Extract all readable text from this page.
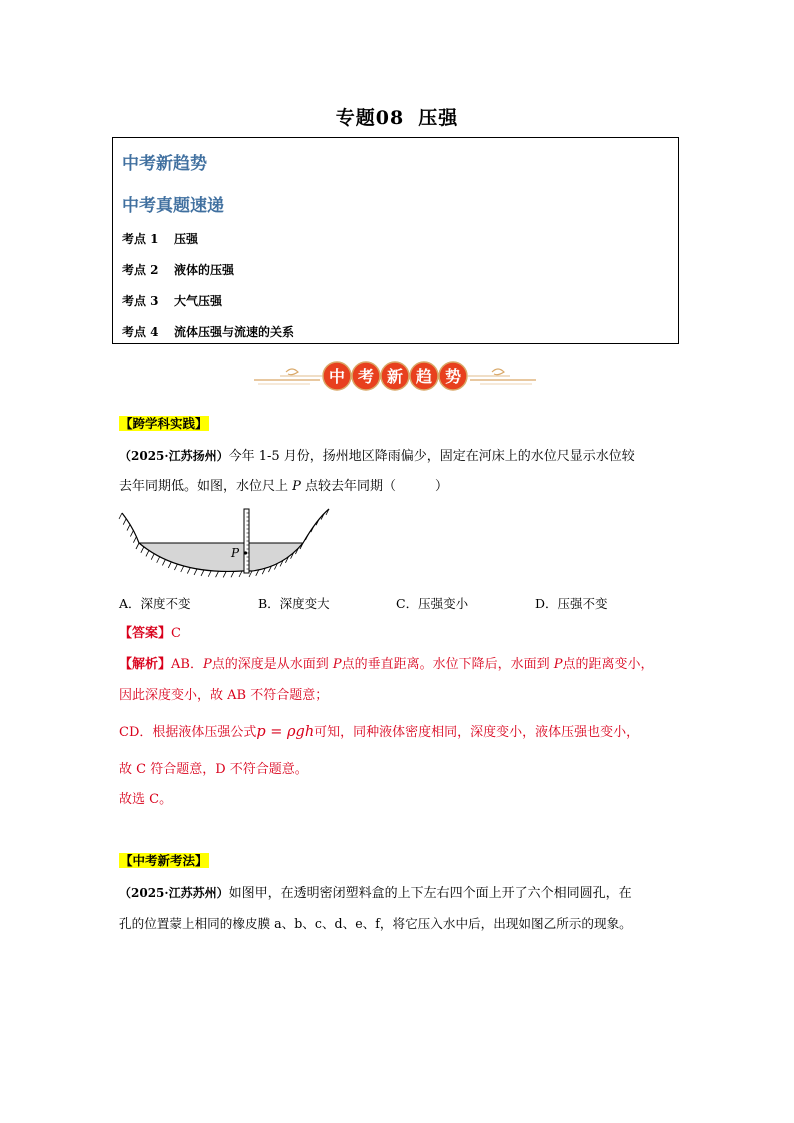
专题08 压强
中考新趋势
中考真题速递
考点 1 压强
考点 2 液体的压强
考点 3 大气压强
考点 4 流体压强与流速的关系
中 考 新 趋 势
【跨学科实践】
（2025·江苏扬州）今年 1-5 月份，扬州地区降雨偏少，固定在河床上的水位尺显示水位较
去年同期低。如图，水位尺上 P 点较去年同期（　　　）
P
A．深度不变	B．深度变大	C．压强变小	D．压强不变
【答案】C
【解析】AB．P点的深度是从水面到 P点的垂直距离。水位下降后，水面到 P点的距离变小，
因此深度变小，故 AB 不符合题意；
CD．根据液体压强公式p = ρgh可知，同种液体密度相同，深度变小，液体压强也变小，
故 C 符合题意，D 不符合题意。
故选 C。
【中考新考法】
（2025·江苏苏州）如图甲，在透明密闭塑料盒的上下左右四个面上开了六个相同圆孔，在
孔的位置蒙上相同的橡皮膜 a、b、c、d、e、f，将它压入水中后，出现如图乙所示的现象。
